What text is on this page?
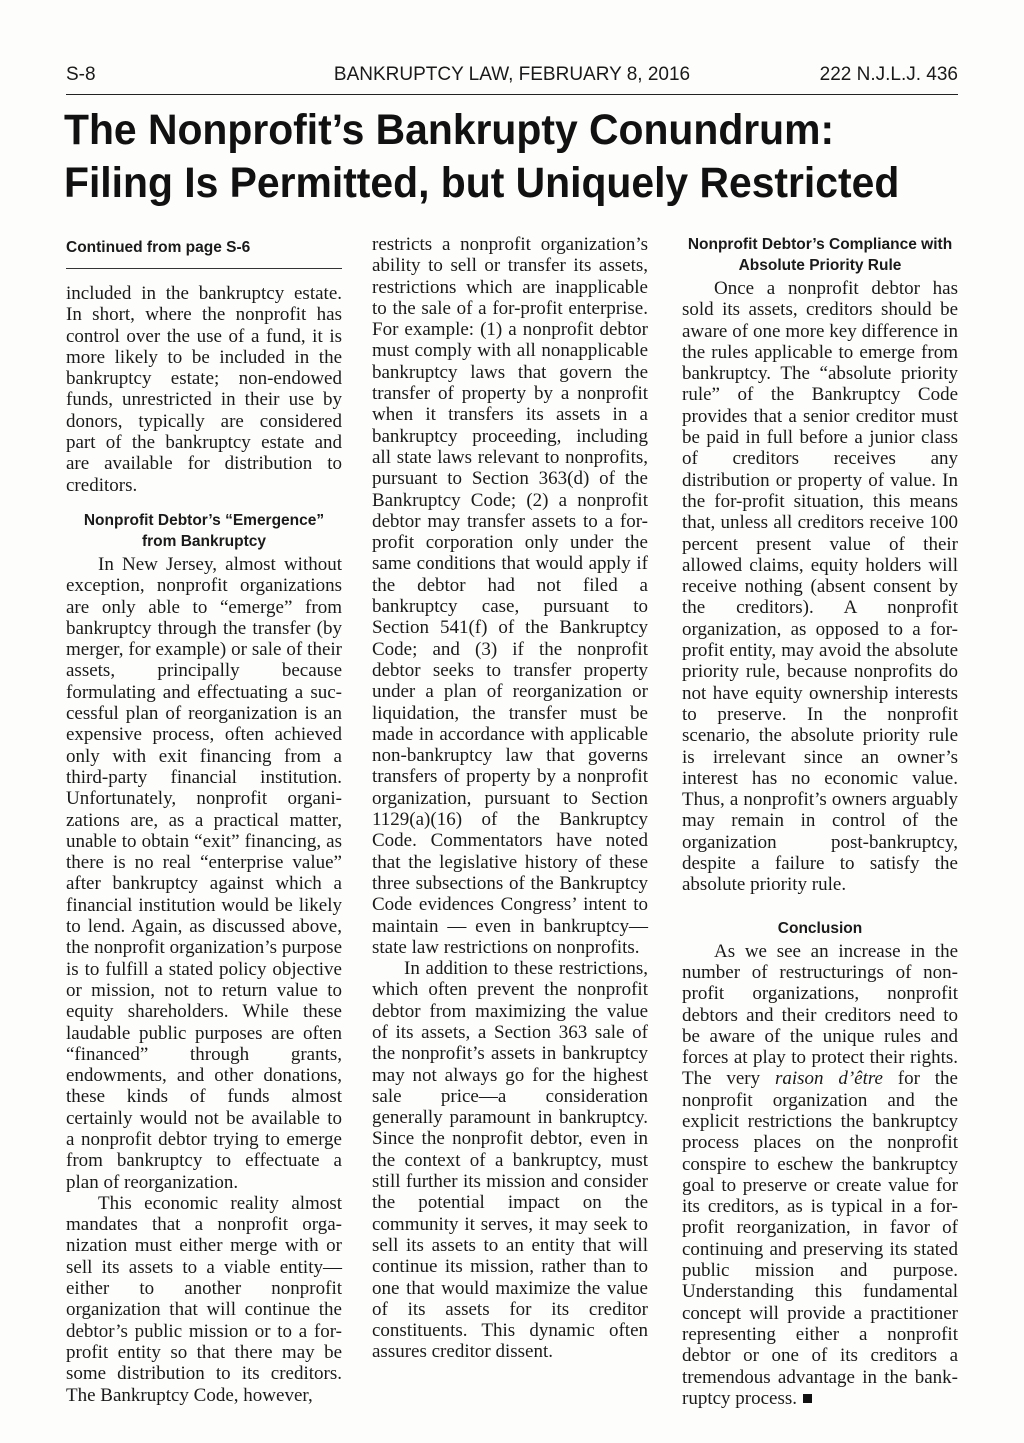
S-8	BANKRUPTCY LAW, FEBRUARY 8, 2016	222 N.J.L.J. 436
The Nonprofit’s Bankrupty Conundrum:
Filing Is Permitted, but Uniquely Restricted
Continued from page S-6

included in the bankruptcy estate. In short, where the nonprofit has control over the use of a fund, it is more likely to be included in the bankruptcy estate; non-endowed funds, unrestricted in their use by donors, typically are considered part of the bankruptcy estate and are available for distribution to creditors.

Nonprofit Debtor’s “Emergence” from Bankruptcy

In New Jersey, almost without exception, nonprofit organizations are only able to “emerge” from bankruptcy through the transfer (by merger, for example) or sale of their assets, principally because formulating and effectuating a successful plan of reorganization is an expensive process, often achieved only with exit financing from a third-party financial institution. Unfortunately, nonprofit organizations are, as a practical matter, unable to obtain “exit” financing, as there is no real “enterprise value” after bankruptcy against which a financial institution would be likely to lend. Again, as discussed above, the nonprofit organization’s purpose is to fulfill a stated policy objective or mission, not to return value to equity shareholders. While these laudable public purposes are often “financed” through grants, endowments, and other donations, these kinds of funds almost certainly would not be available to a nonprofit debtor trying to emerge from bankruptcy to effectuate a plan of reorganization.

This economic reality almost mandates that a nonprofit organization must either merge with or sell its assets to a viable entity—either to another nonprofit organization that will continue the debtor’s public mission or to a for-profit entity so that there may be some distribution to its creditors. The Bankruptcy Code, however,

restricts a nonprofit organization’s ability to sell or transfer its assets, restrictions which are inapplicable to the sale of a for-profit enterprise. For example: (1) a nonprofit debtor must comply with all nonapplicable bankruptcy laws that govern the transfer of property by a nonprofit when it transfers its assets in a bankruptcy proceeding, including all state laws relevant to nonprofits, pursuant to Section 363(d) of the Bankruptcy Code; (2) a nonprofit debtor may transfer assets to a for-profit corporation only under the same conditions that would apply if the debtor had not filed a bankruptcy case, pursuant to Section 541(f) of the Bankruptcy Code; and (3) if the nonprofit debtor seeks to transfer property under a plan of reorganization or liquidation, the transfer must be made in accordance with applicable non-bankruptcy law that governs transfers of property by a nonprofit organization, pursuant to Section 1129(a)(16) of the Bankruptcy Code. Commentators have noted that the legislative history of these three subsections of the Bankruptcy Code evidences Congress’ intent to maintain — even in bankruptcy—state law restrictions on nonprofits.

In addition to these restrictions, which often prevent the nonprofit debtor from maximizing the value of its assets, a Section 363 sale of the nonprofit’s assets in bankruptcy may not always go for the highest sale price—a consideration generally paramount in bankruptcy. Since the nonprofit debtor, even in the context of a bankruptcy, must still further its mission and consider the potential impact on the community it serves, it may seek to sell its assets to an entity that will continue its mission, rather than to one that would maximize the value of its assets for its creditor constituents. This dynamic often assures creditor dissent.

Nonprofit Debtor’s Compliance with Absolute Priority Rule

Once a nonprofit debtor has sold its assets, creditors should be aware of one more key difference in the rules applicable to emerge from bankruptcy. The “absolute priority rule” of the Bankruptcy Code provides that a senior creditor must be paid in full before a junior class of creditors receives any distribution or property of value. In the for-profit situation, this means that, unless all creditors receive 100 percent present value of their allowed claims, equity holders will receive nothing (absent consent by the creditors). A nonprofit organization, as opposed to a for-profit entity, may avoid the absolute priority rule, because nonprofits do not have equity ownership interests to preserve. In the nonprofit scenario, the absolute priority rule is irrelevant since an owner’s interest has no economic value. Thus, a nonprofit’s owners arguably may remain in control of the organization post-bankruptcy, despite a failure to satisfy the absolute priority rule.

Conclusion

As we see an increase in the number of restructurings of nonprofit organizations, nonprofit debtors and their creditors need to be aware of the unique rules and forces at play to protect their rights. The very raison d’être for the nonprofit organization and the explicit restrictions the bankruptcy process places on the nonprofit conspire to eschew the bankruptcy goal to preserve or create value for its creditors, as is typical in a for-profit reorganization, in favor of continuing and preserving its stated public mission and purpose. Understanding this fundamental concept will provide a practitioner representing either a nonprofit debtor or one of its creditors a tremendous advantage in the bankruptcy process.
